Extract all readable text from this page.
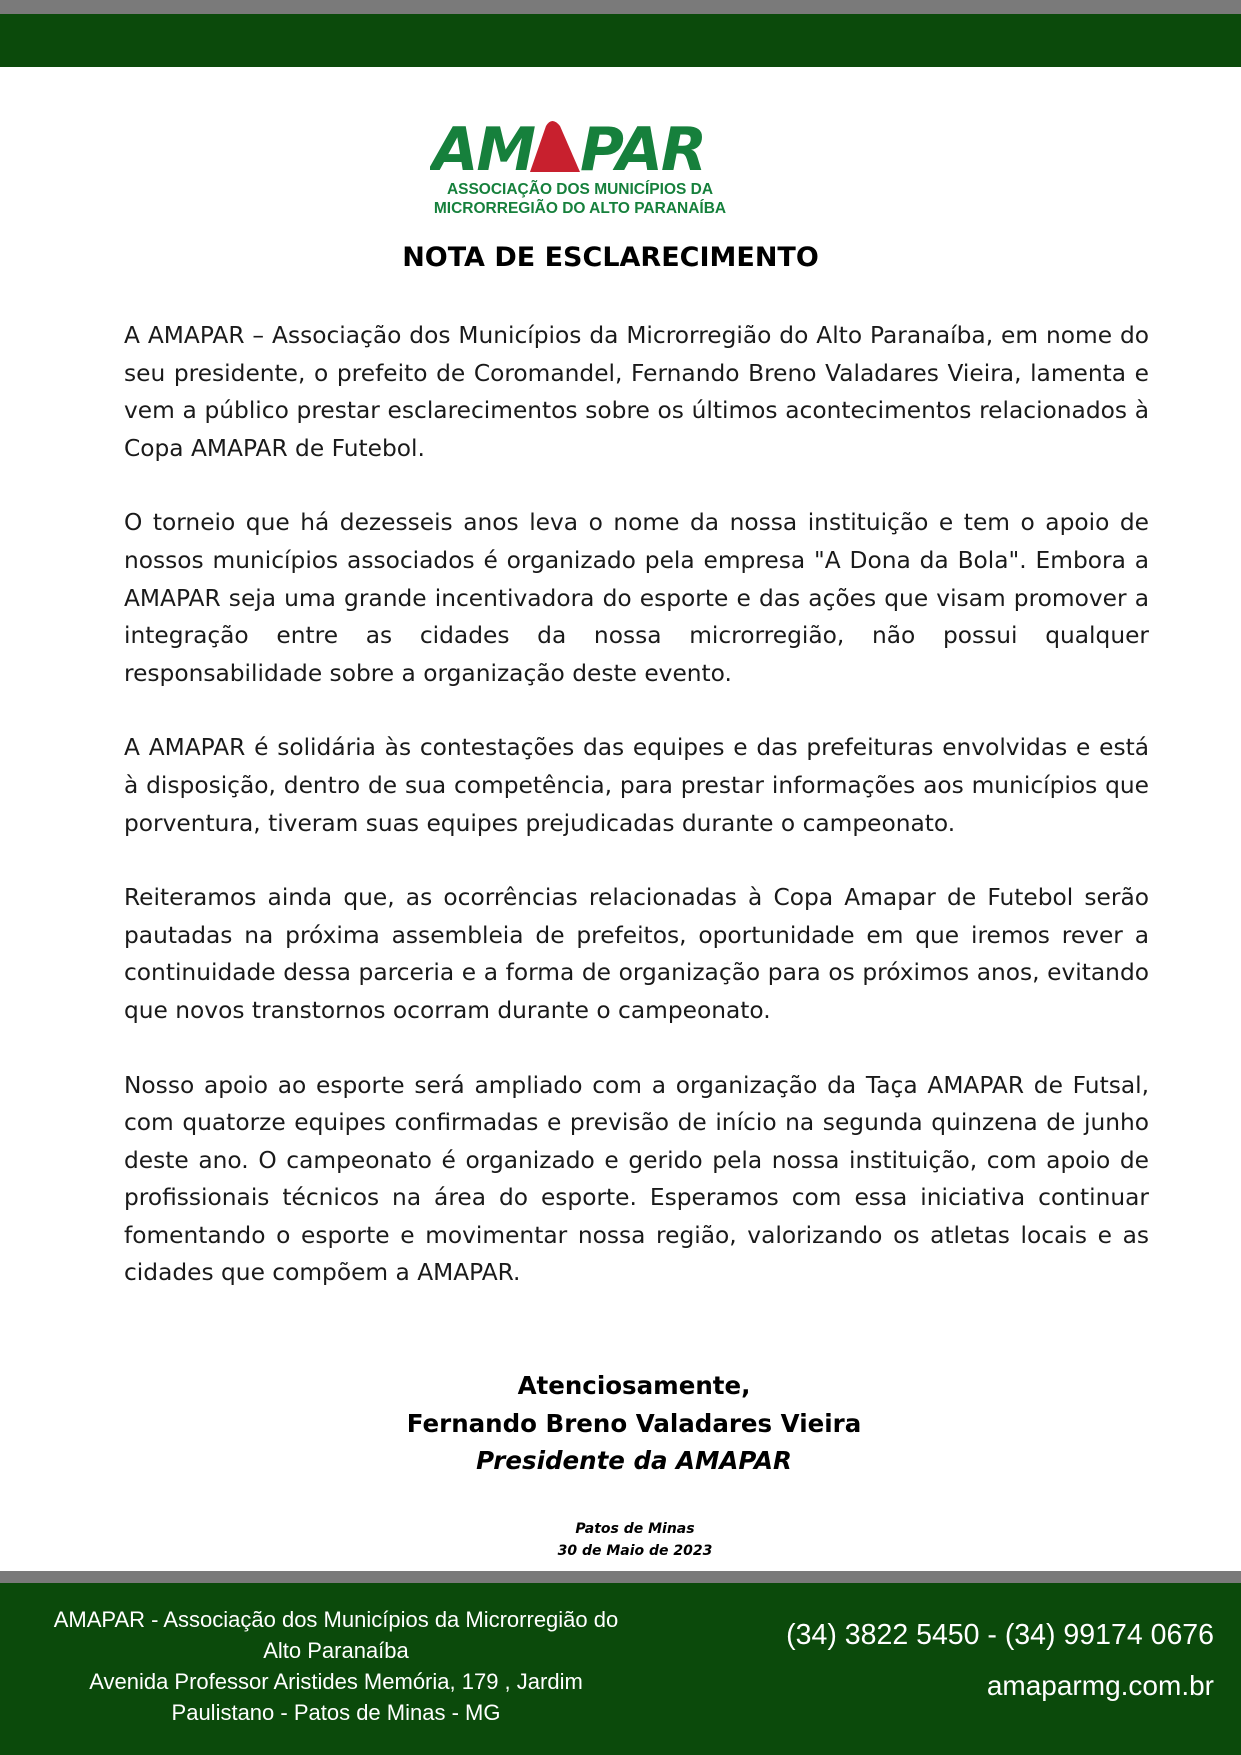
AM PAR
ASSOCIAÇÃO DOS MUNICÍPIOS DA
MICRORREGIÃO DO ALTO PARANAÍBA
NOTA DE ESCLARECIMENTO

A AMAPAR – Associação dos Municípios da Microrregião do Alto Paranaíba, em nome do seu presidente, o prefeito de Coromandel, Fernando Breno Valadares Vieira, lamenta e vem a público prestar esclarecimentos sobre os últimos acontecimentos relacionados à Copa AMAPAR de Futebol.

O torneio que há dezesseis anos leva o nome da nossa instituição e tem o apoio de nossos municípios associados é organizado pela empresa "A Dona da Bola". Embora a AMAPAR seja uma grande incentivadora do esporte e das ações que visam promover a integração entre as cidades da nossa microrregião, não possui qualquer responsabilidade sobre a organização deste evento.

A AMAPAR é solidária às contestações das equipes e das prefeituras envolvidas e está à disposição, dentro de sua competência, para prestar informações aos municípios que porventura, tiveram suas equipes prejudicadas durante o campeonato.

Reiteramos ainda que, as ocorrências relacionadas à Copa Amapar de Futebol serão pautadas na próxima assembleia de prefeitos, oportunidade em que iremos rever a continuidade dessa parceria e a forma de organização para os próximos anos, evitando que novos transtornos ocorram durante o campeonato.

Nosso apoio ao esporte será ampliado com a organização da Taça AMAPAR de Futsal, com quatorze equipes confirmadas e previsão de início na segunda quinzena de junho deste ano. O campeonato é organizado e gerido pela nossa instituição, com apoio de profissionais técnicos na área do esporte. Esperamos com essa iniciativa continuar fomentando o esporte e movimentar nossa região, valorizando os atletas locais e as cidades que compõem a AMAPAR.

Atenciosamente,
Fernando Breno Valadares Vieira
Presidente da AMAPAR
Patos de Minas
30 de Maio de 2023
AMAPAR - Associação dos Municípios da Microrregião do
Alto Paranaíba
Avenida Professor Aristides Memória, 179 , Jardim
Paulistano - Patos de Minas - MG
(34) 3822 5450 - (34) 99174 0676
amaparmg.com.br
